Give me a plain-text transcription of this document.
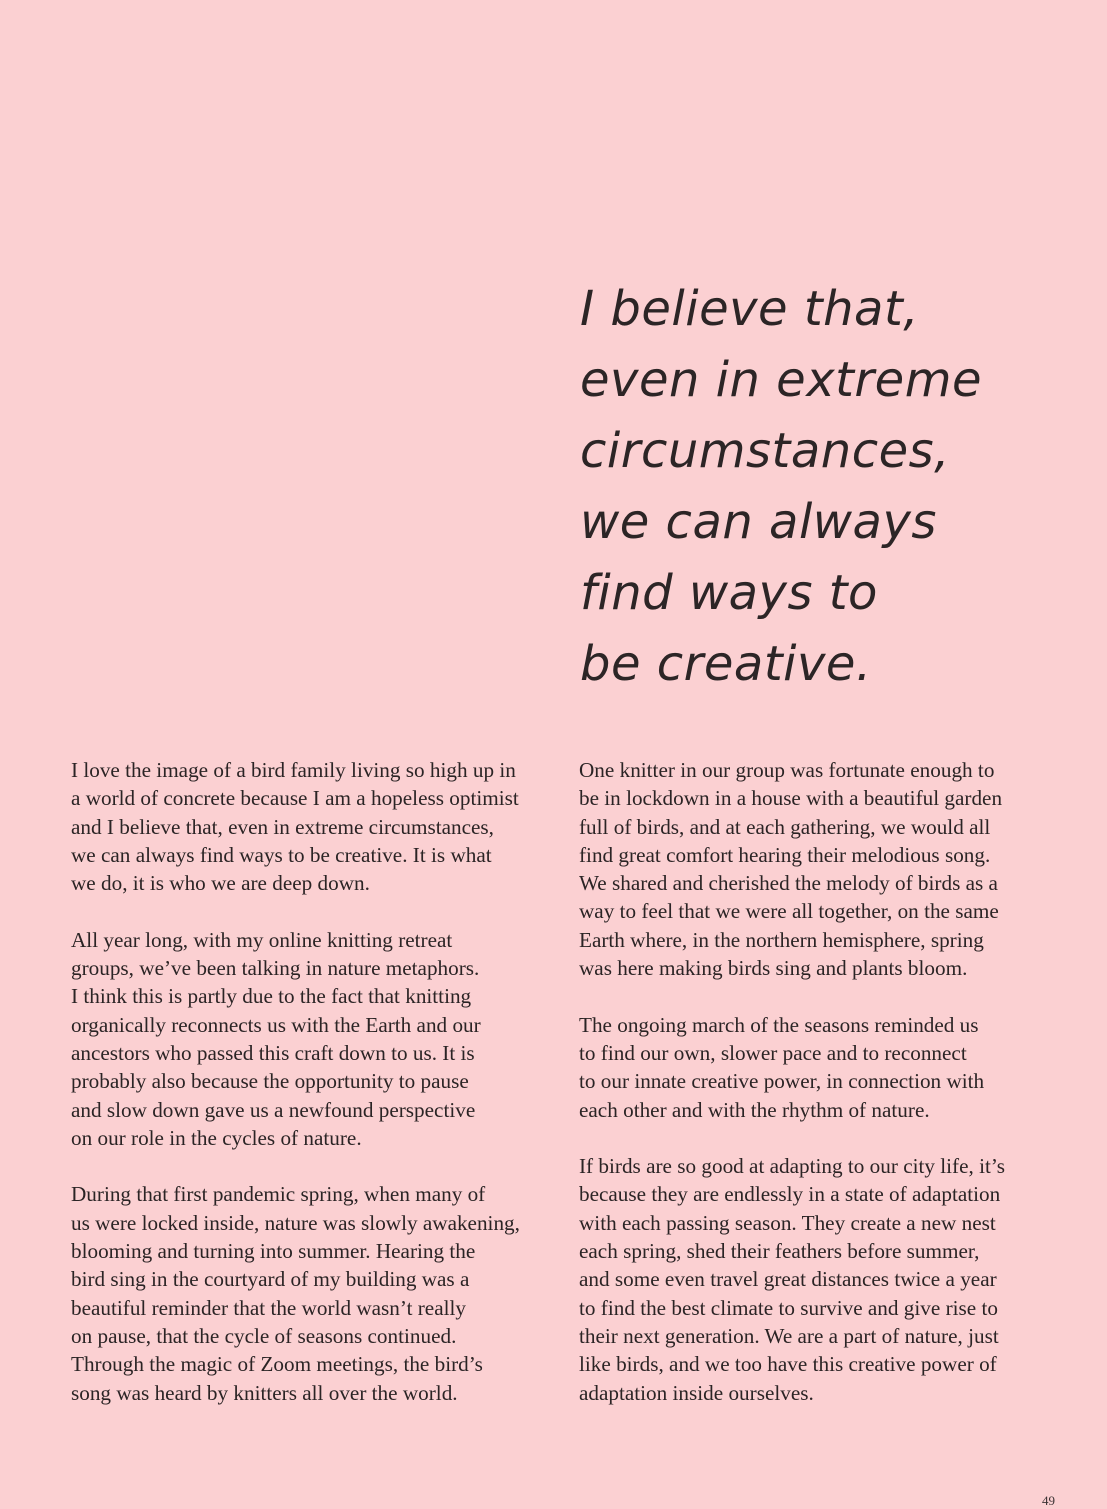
I believe that,
even in extreme
circumstances,
we can always
find ways to
be creative.

I love the image of a bird family living so high up in
a world of concrete because I am a hopeless optimist
and I believe that, even in extreme circumstances,
we can always find ways to be creative. It is what
we do, it is who we are deep down.

All year long, with my online knitting retreat
groups, we’ve been talking in nature metaphors.
I think this is partly due to the fact that knitting
organically reconnects us with the Earth and our
ancestors who passed this craft down to us. It is
probably also because the opportunity to pause
and slow down gave us a newfound perspective
on our role in the cycles of nature.

During that first pandemic spring, when many of
us were locked inside, nature was slowly awakening,
blooming and turning into summer. Hearing the
bird sing in the courtyard of my building was a
beautiful reminder that the world wasn’t really
on pause, that the cycle of seasons continued.
Through the magic of Zoom meetings, the bird’s
song was heard by knitters all over the world.

One knitter in our group was fortunate enough to
be in lockdown in a house with a beautiful garden
full of birds, and at each gathering, we would all
find great comfort hearing their melodious song.
We shared and cherished the melody of birds as a
way to feel that we were all together, on the same
Earth where, in the northern hemisphere, spring
was here making birds sing and plants bloom.

The ongoing march of the seasons reminded us
to find our own, slower pace and to reconnect
to our innate creative power, in connection with
each other and with the rhythm of nature.

If birds are so good at adapting to our city life, it’s
because they are endlessly in a state of adaptation
with each passing season. They create a new nest
each spring, shed their feathers before summer,
and some even travel great distances twice a year
to find the best climate to survive and give rise to
their next generation. We are a part of nature, just
like birds, and we too have this creative power of
adaptation inside ourselves.

49
